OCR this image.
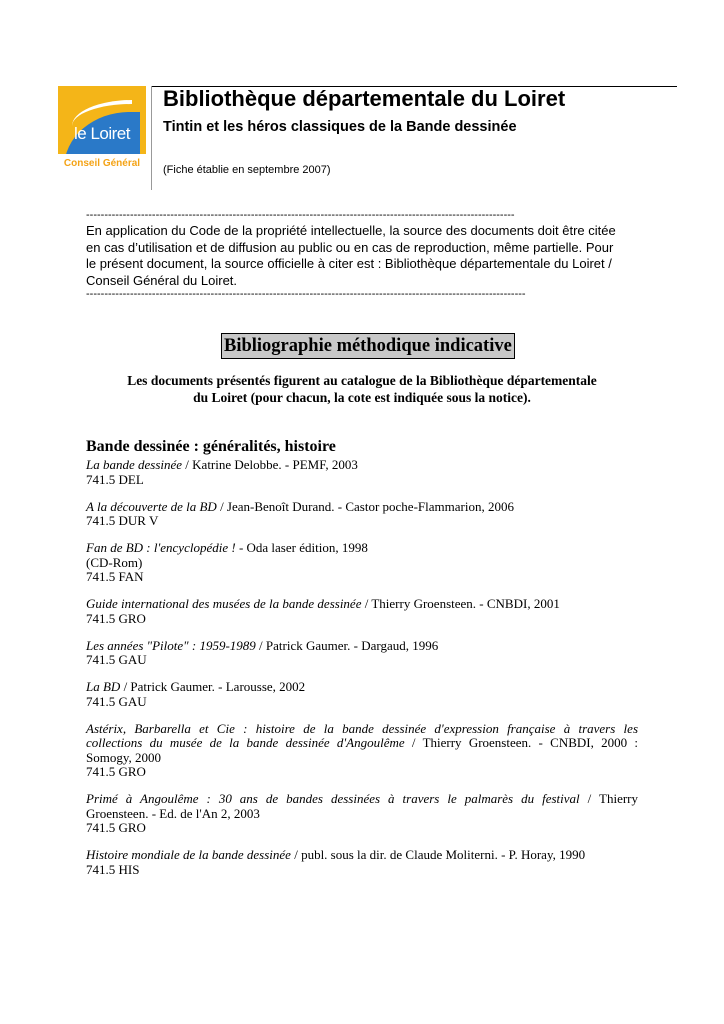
le Loiret
Conseil Général
Bibliothèque départementale du Loiret
Tintin et les héros classiques de la Bande dessinée
(Fiche établie en septembre 2007)
---------------------------------------------------------------------------------------------------------------------
En application du Code de la propriété intellectuelle, la source des documents doit être citée
en cas d’utilisation et de diffusion au public ou en cas de reproduction, même partielle. Pour
le présent document, la source officielle à citer est : Bibliothèque départementale du Loiret /
Conseil Général du Loiret.
------------------------------------------------------------------------------------------------------------------------
Bibliographie méthodique indicative
Les documents présentés figurent au catalogue de la Bibliothèque départementale
du Loiret (pour chacun, la cote est indiquée sous la notice).
Bande dessinée : généralités, histoire
La bande dessinée / Katrine Delobbe. - PEMF, 2003
741.5 DEL
A la découverte de la BD / Jean-Benoît Durand. - Castor poche-Flammarion, 2006
741.5 DUR V
Fan de BD : l'encyclopédie ! - Oda laser édition, 1998
(CD-Rom)
741.5 FAN
Guide international des musées de la bande dessinée / Thierry Groensteen. - CNBDI, 2001
741.5 GRO
Les années "Pilote" : 1959-1989 / Patrick Gaumer. - Dargaud, 1996
741.5 GAU
La BD / Patrick Gaumer. - Larousse, 2002
741.5 GAU
Astérix, Barbarella et Cie : histoire de la bande dessinée d'expression française à travers les
collections du musée de la bande dessinée d'Angoulême / Thierry Groensteen. - CNBDI, 2000 :
Somogy, 2000
741.5 GRO
Primé à Angoulême : 30 ans de bandes dessinées à travers le palmarès du festival / Thierry
Groensteen. - Ed. de l'An 2, 2003
741.5 GRO
Histoire mondiale de la bande dessinée / publ. sous la dir. de Claude Moliterni. - P. Horay, 1990
741.5 HIS
